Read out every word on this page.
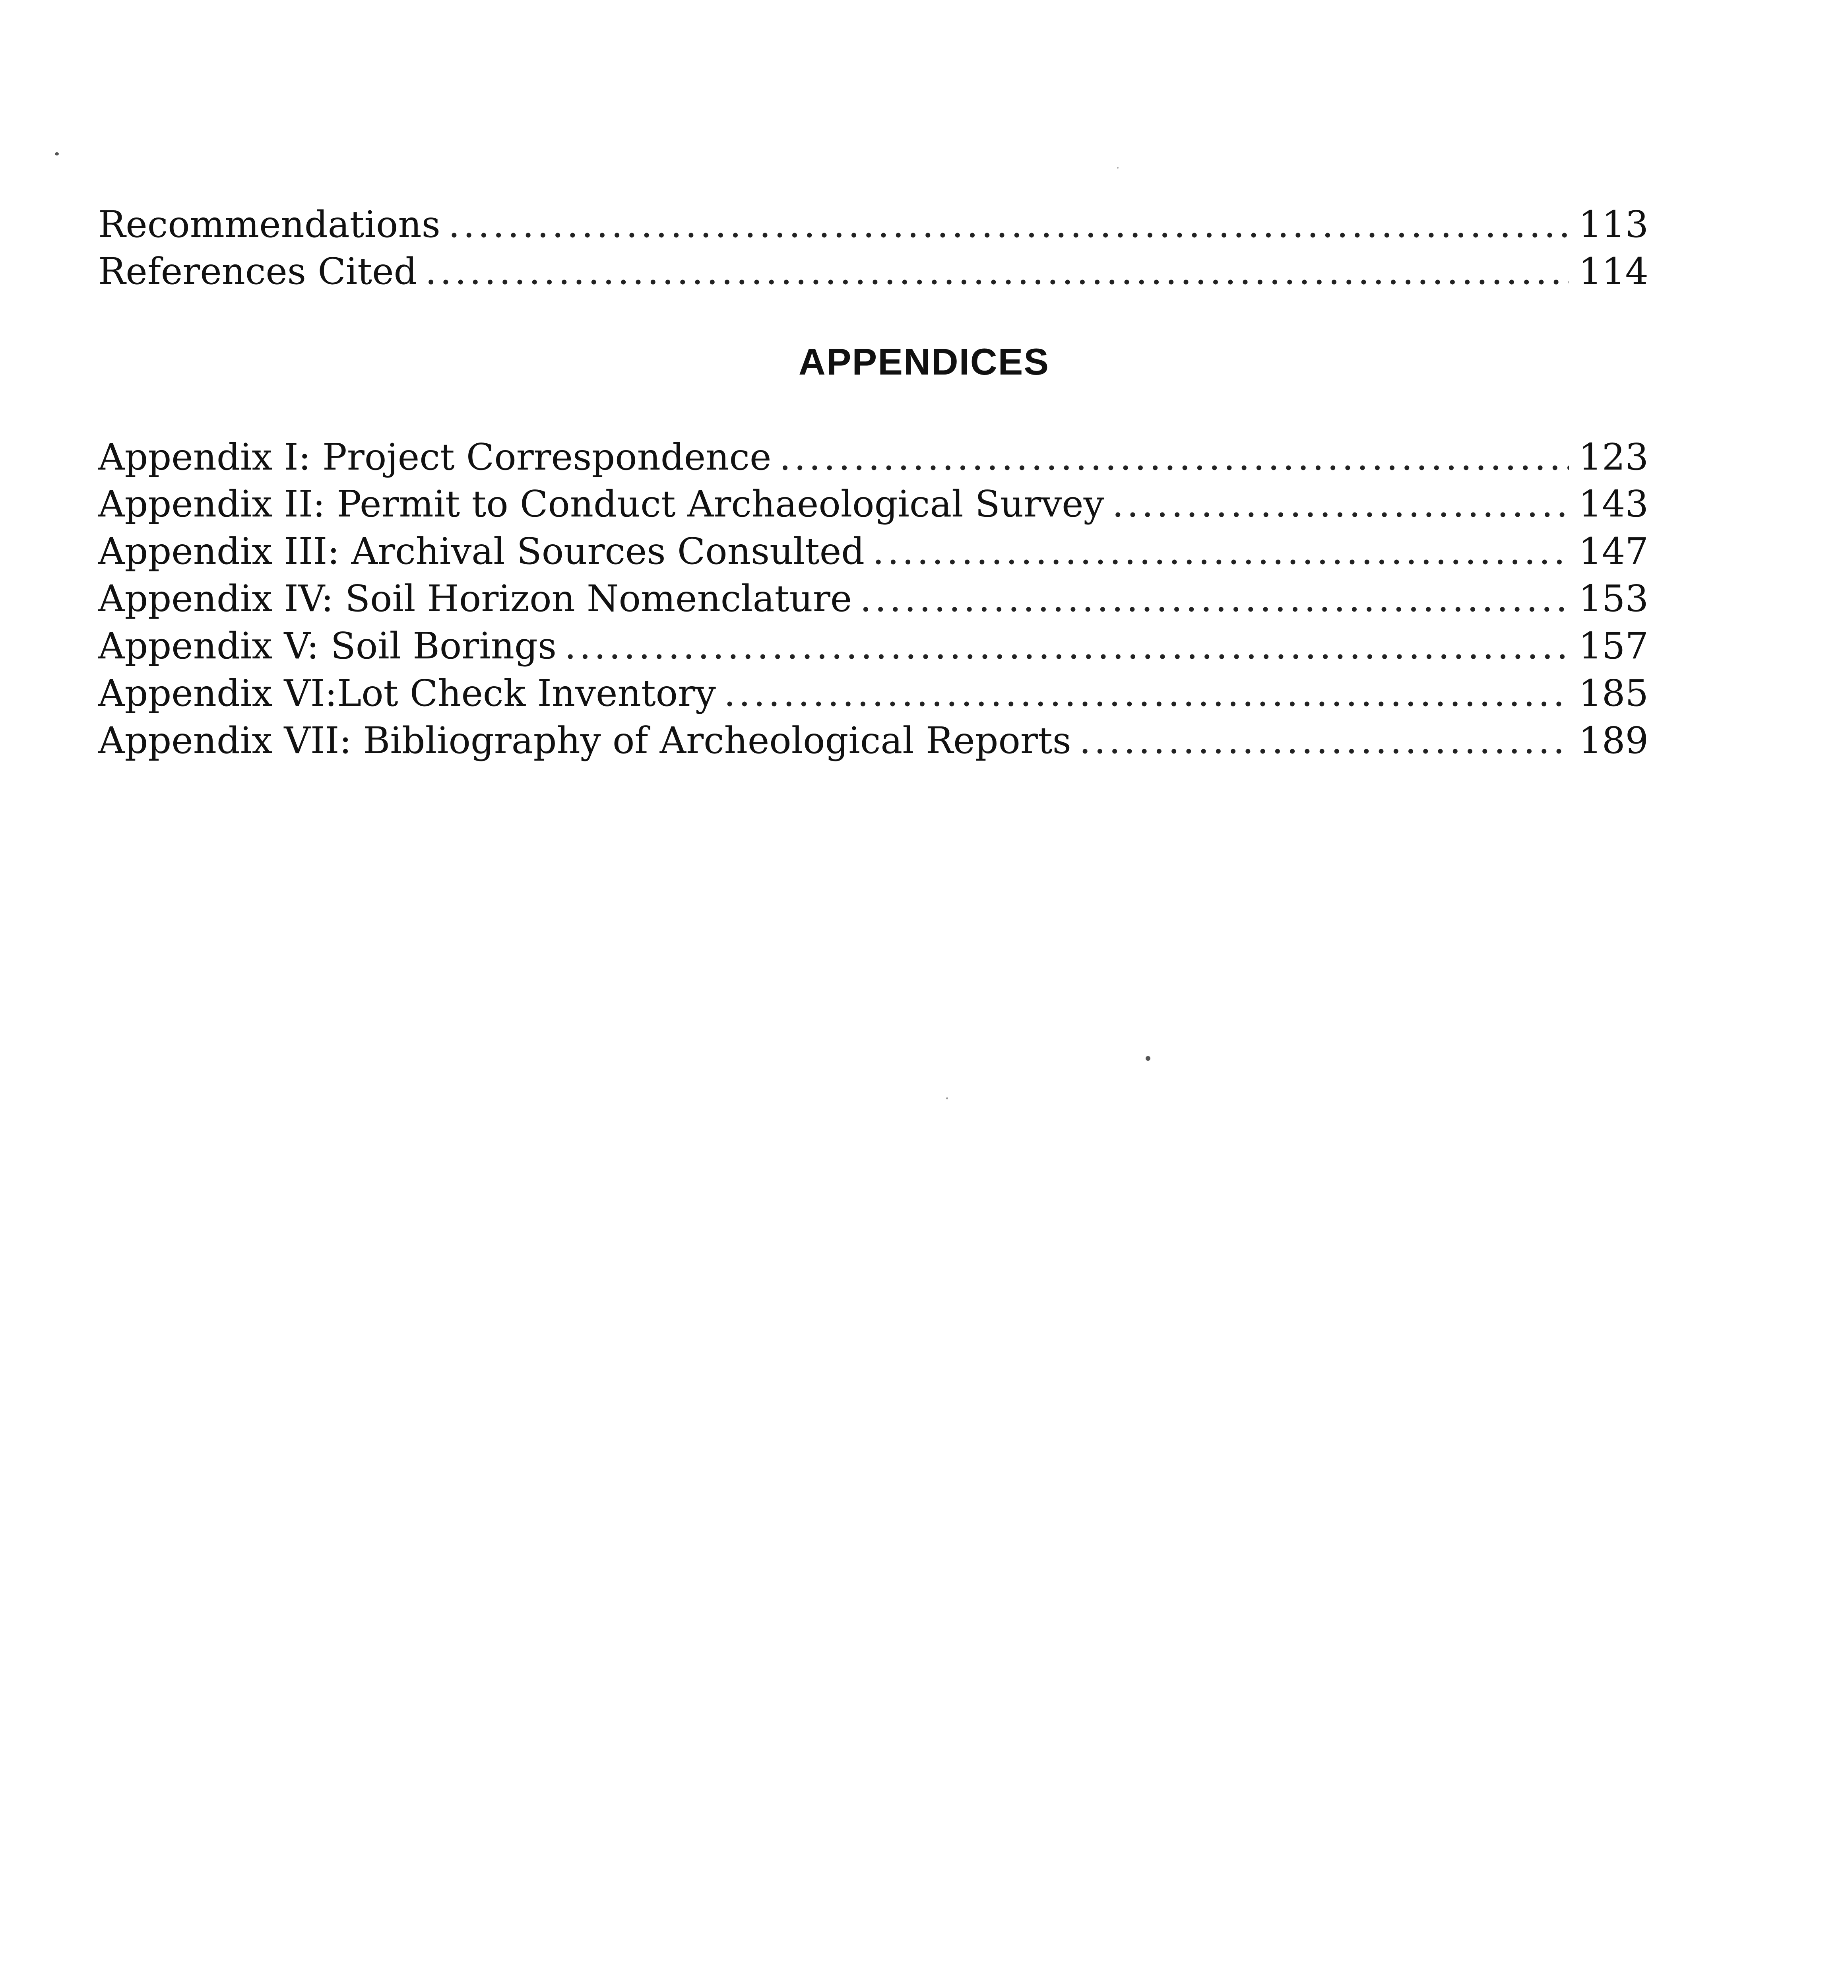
Recommendations .....	113
References Cited .....	114
APPENDICES
Appendix I: Project Correspondence .....	123
Appendix II: Permit to Conduct Archaeological Survey .....	143
Appendix III: Archival Sources Consulted .....	147
Appendix IV: Soil Horizon Nomenclature .....	153
Appendix V: Soil Borings .....	157
Appendix VI:Lot Check Inventory .....	185
Appendix VII: Bibliography of Archeological Reports .....	189
